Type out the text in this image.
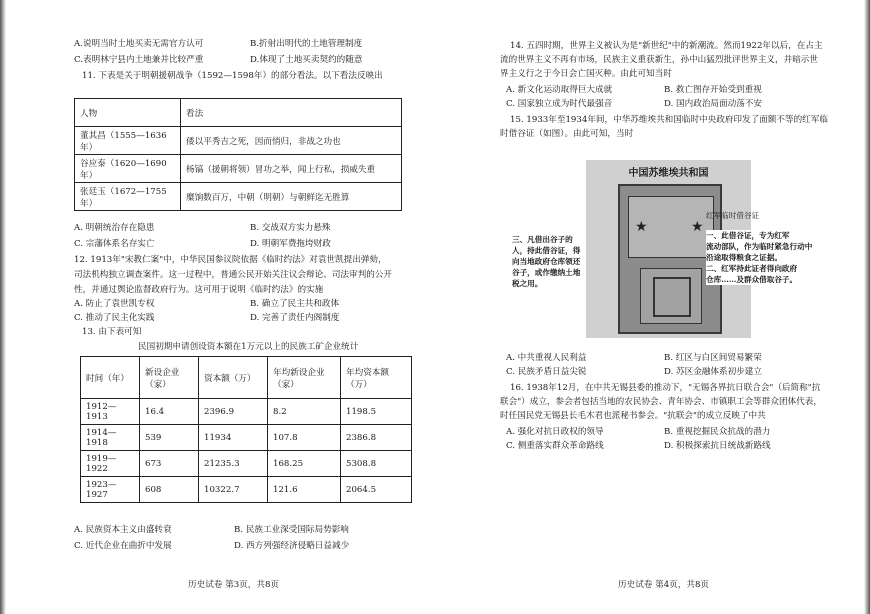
A.说明当时土地买卖无需官方认可	B.折射出明代的土地管理制度
C.表明林宁县内土地兼并比较严重	D.体现了土地买卖契约的随意
11. 下表是关于明朝援朝战争（1592—1598年）的部分看法。以下看法反映出
人物	看法
董其昌（1555—1636年）	倭以平秀吉之死，因而悄归，非战之功也
谷应泰（1620—1690年）	杨镐（援朝将领）冒功之举，闻上行私，损威失重
张廷玉（1672—1755年）	糜饷数百万，中朝（明朝）与朝鲜迄无胜算
A. 明朝统治存在隐患	B. 交战双方实力悬殊
C. 宗藩体系名存实亡	D. 明朝军费拖垮财政
12. 1913年"宋教仁案"中，中华民国参议院依据《临时约法》对袁世凯提出弹劾，
司法机构独立调查案件。这一过程中，普通公民开始关注议会辩论、司法审判的公开
性，并通过舆论监督政府行为。这可用于说明《临时约法》的实施
A. 防止了袁世凯专权	B. 确立了民主共和政体
C. 推动了民主化实践	D. 完善了责任内阁制度
13. 由下表可知
民国初期申请创设资本额在1万元以上的民族工矿企业统计
时间（年）	新设企业（家）	资本额（万）	年均新设企业（家）	年均资本额（万）
1912—1913	16.4	2396.9	8.2	1198.5
1914—1918	539	11934	107.8	2386.8
1919—1922	673	21235.3	168.25	5308.8
1923—1927	608	10322.7	121.6	2064.5
A. 民族资本主义由盛转衰	B. 民族工业深受国际局势影响
C. 近代企业在曲折中发展	D. 西方列强经济侵略日益减少
历史试卷 第3页，共8页
14. 五四时期，世界主义被认为是"新世纪"中的新潮流。然而1922年以后，在占主
流的世界主义不再有市场，民族主义重获新生，孙中山猛烈批评世界主义，并暗示世
界主义行之于今日会亡国灭种。由此可知当时
A. 新文化运动取得巨大成就	B. 救亡图存开始受到重视
C. 国家独立成为时代最强音	D. 国内政治局面动荡不安
15. 1933年至1934年间，中华苏维埃共和国临时中央政府印发了面额不等的红军临
时借谷证（如图）。由此可知，当时
中国苏维埃共和国
★	★
三、凡借出谷子的
人，持此借谷证，得
向当地政府仓库领还
谷子，或作缴纳土地
税之用。
红军临时借谷证
一、此借谷证，专为红军
流动部队，作为临时紧急行动中
沿途取得粮食之证据。
二、红军持此证者得向政府
仓库……及群众借取谷子。
A. 中共重视人民利益	B. 红区与白区间贸易繁荣
C. 民族矛盾日益尖锐	D. 苏区金融体系初步建立
16. 1938年12月，在中共无锡县委的推动下，"无锡各界抗日联合会"（后简称"抗
联会"）成立，参会者包括当地的农民协会、青年协会、市镇职工会等群众团体代表，
时任国民党无锡县长毛木君也派秘书参会。"抗联会"的成立反映了中共
A. 强化对抗日政权的领导	B. 重视挖掘民众抗战的潜力
C. 侧重落实群众革命路线	D. 积极探索抗日统战新路线
历史试卷 第4页，共8页
